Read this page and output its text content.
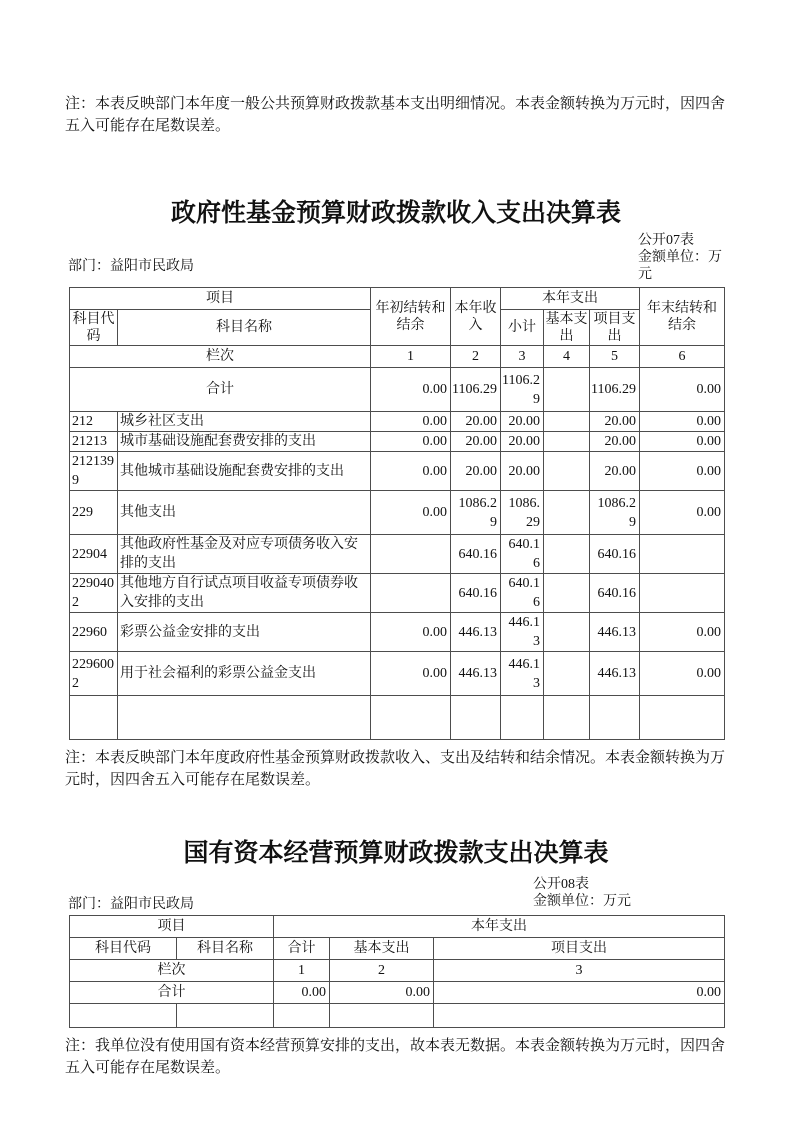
注：本表反映部门本年度一般公共预算财政拨款基本支出明细情况。本表金额转换为万元时，因四舍五入可能存在尾数误差。

政府性基金预算财政拨款收入支出决算表
部门：益阳市民政局
公开07表
金额单位：万元
项目		年初结转和结余	本年收入	本年支出			年末结转和结余
科目代码	科目名称			小计	基本支出	项目支出	
栏次		1	2	3	4	5	6
合计		0.00	1106.29	1106.29		1106.29	0.00
212	城乡社区支出	0.00	20.00	20.00		20.00	0.00
21213	城市基础设施配套费安排的支出	0.00	20.00	20.00		20.00	0.00
2121399	其他城市基础设施配套费安排的支出	0.00	20.00	20.00		20.00	0.00
229	其他支出	0.00	1086.29	1086.29		1086.29	0.00
22904	其他政府性基金及对应专项债务收入安排的支出		640.16	640.16		640.16	
2290402	其他地方自行试点项目收益专项债券收入安排的支出		640.16	640.16		640.16	
22960	彩票公益金安排的支出	0.00	446.13	446.13		446.13	0.00
2296002	用于社会福利的彩票公益金支出	0.00	446.13	446.13		446.13	0.00

注：本表反映部门本年度政府性基金预算财政拨款收入、支出及结转和结余情况。本表金额转换为万元时，因四舍五入可能存在尾数误差。

国有资本经营预算财政拨款支出决算表
部门：益阳市民政局
公开08表
金额单位：万元
项目		本年支出		
科目代码	科目名称	合计	基本支出	项目支出
栏次		1	2	3
合计		0.00	0.00	0.00

注：我单位没有使用国有资本经营预算安排的支出，故本表无数据。本表金额转换为万元时，因四舍五入可能存在尾数误差。
